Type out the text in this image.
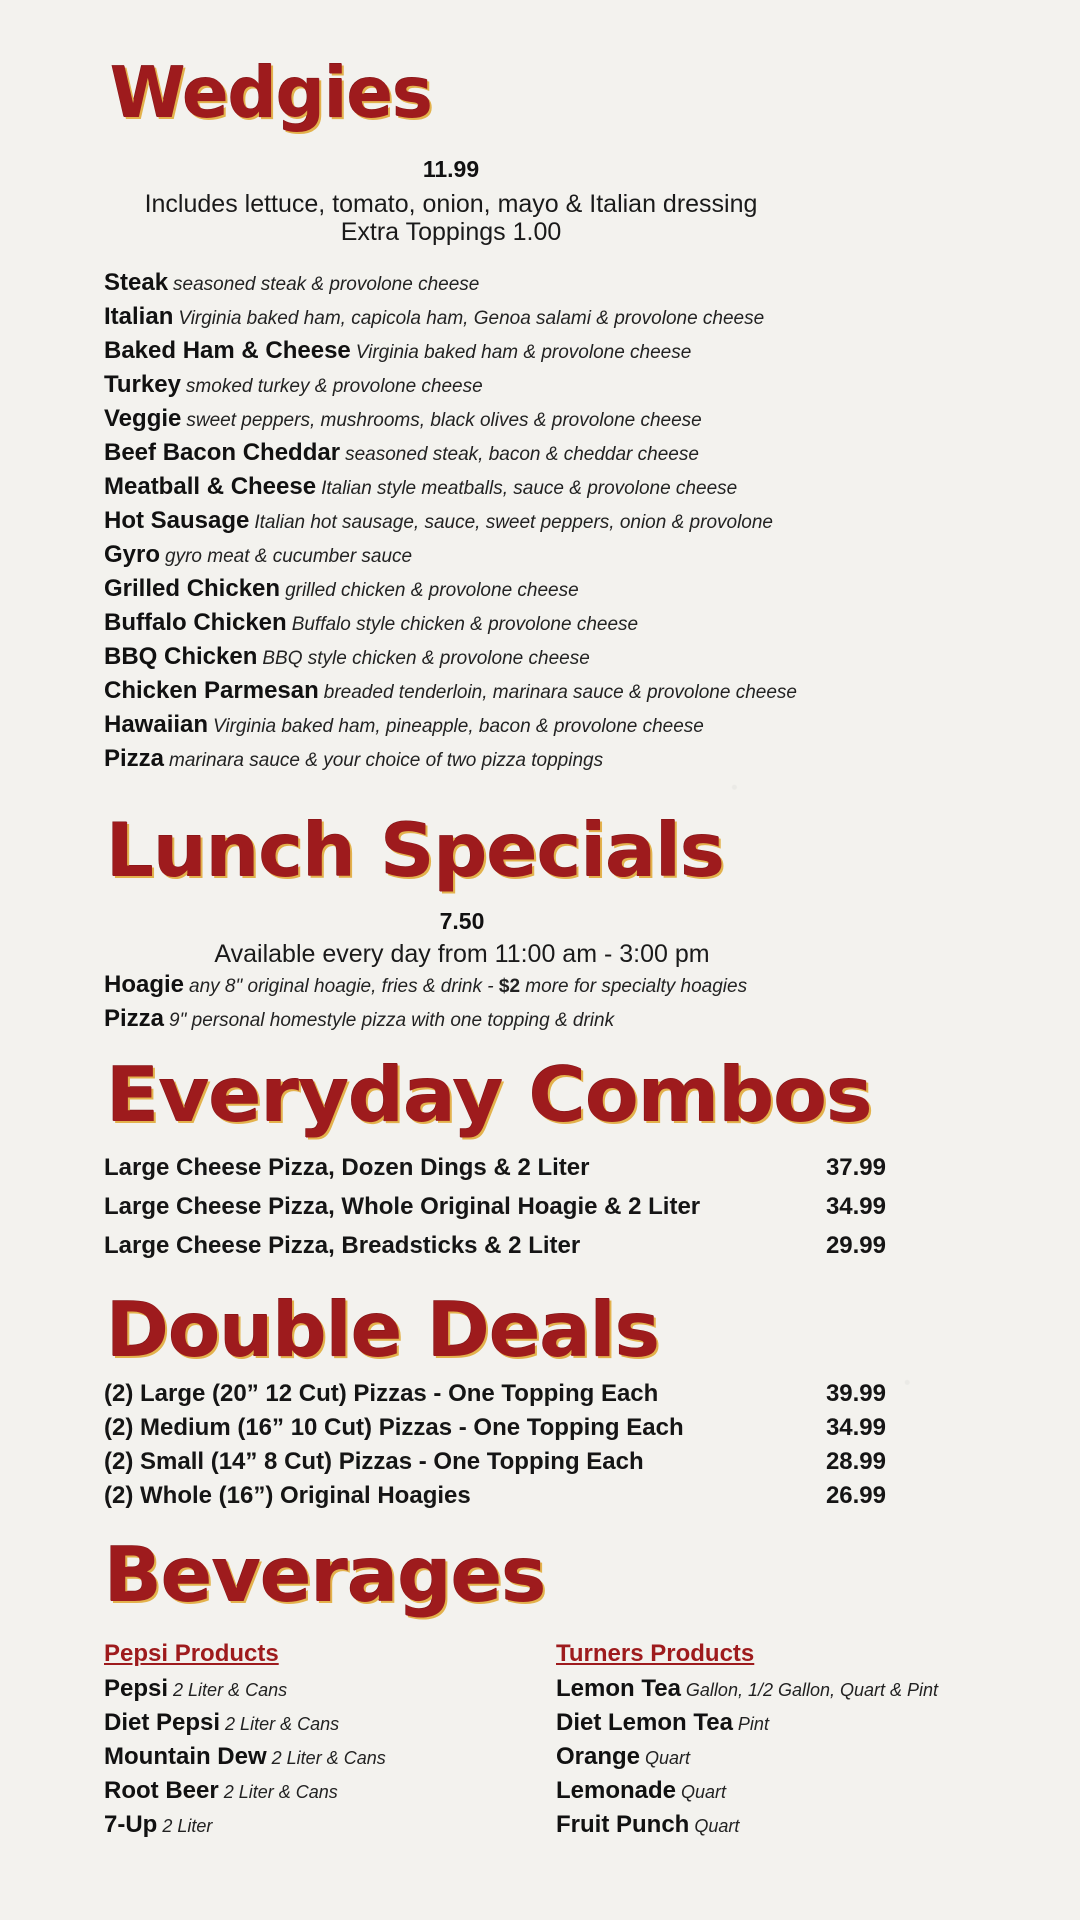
Wedgies
11.99
Includes lettuce, tomato, onion, mayo & Italian dressing
Extra Toppings 1.00
Steak seasoned steak & provolone cheese
Italian Virginia baked ham, capicola ham, Genoa salami & provolone cheese
Baked Ham & Cheese Virginia baked ham & provolone cheese
Turkey smoked turkey & provolone cheese
Veggie sweet peppers, mushrooms, black olives & provolone cheese
Beef Bacon Cheddar seasoned steak, bacon & cheddar cheese
Meatball & Cheese Italian style meatballs, sauce & provolone cheese
Hot Sausage Italian hot sausage, sauce, sweet peppers, onion & provolone
Gyro gyro meat & cucumber sauce
Grilled Chicken grilled chicken & provolone cheese
Buffalo Chicken Buffalo style chicken & provolone cheese
BBQ Chicken BBQ style chicken & provolone cheese
Chicken Parmesan breaded tenderloin, marinara sauce & provolone cheese
Hawaiian Virginia baked ham, pineapple, bacon & provolone cheese
Pizza marinara sauce & your choice of two pizza toppings
Lunch Specials
7.50
Available every day from 11:00 am - 3:00 pm
Hoagie any 8" original hoagie, fries & drink - $2 more for specialty hoagies
Pizza 9" personal homestyle pizza with one topping & drink
Everyday Combos
Large Cheese Pizza, Dozen Dings & 2 Liter	37.99
Large Cheese Pizza, Whole Original Hoagie & 2 Liter	34.99
Large Cheese Pizza, Breadsticks & 2 Liter	29.99
Double Deals
(2) Large (20” 12 Cut) Pizzas - One Topping Each	39.99
(2) Medium (16” 10 Cut) Pizzas - One Topping Each	34.99
(2) Small (14” 8 Cut) Pizzas - One Topping Each	28.99
(2) Whole (16”) Original Hoagies	26.99
Beverages
Pepsi Products
Pepsi 2 Liter & Cans
Diet Pepsi 2 Liter & Cans
Mountain Dew 2 Liter & Cans
Root Beer 2 Liter & Cans
7-Up 2 Liter
Turners Products
Lemon Tea Gallon, 1/2 Gallon, Quart & Pint
Diet Lemon Tea Pint
Orange Quart
Lemonade Quart
Fruit Punch Quart
